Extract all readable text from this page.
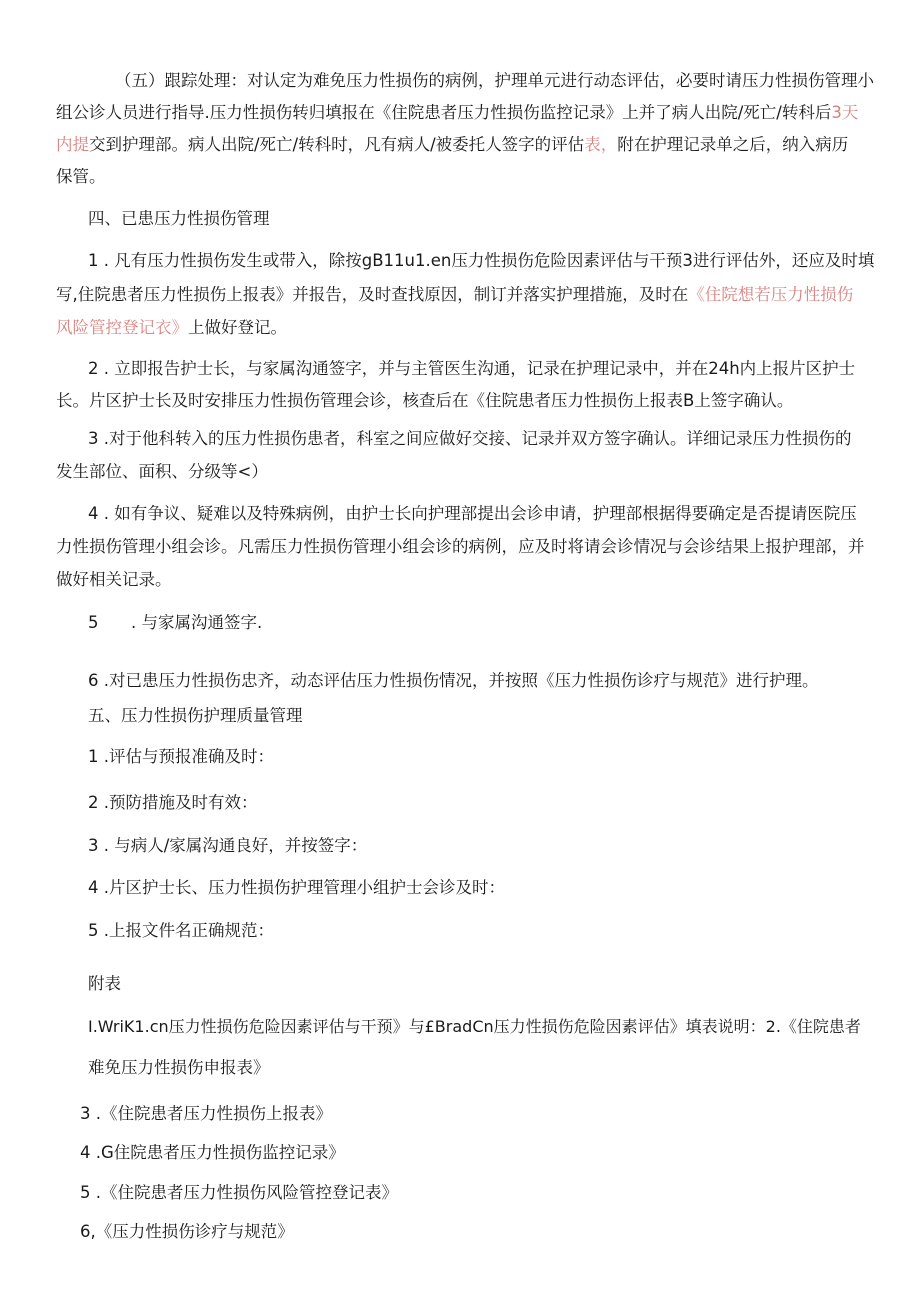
（五）跟踪处理：对认定为难免压力性损伤的病例，护理单元进行动态评估，必要时请压力性损伤管理小
组公诊人员进行指导.压力性损伤转归填报在《住院患者压力性损伤监控记录》上并了病人出院/死亡/转科后3天
内提交到护理部。病人出院/死亡/转科时，凡有病人/被委托人签字的评估表，附在护理记录单之后，纳入病历
保管。
四、已患压力性损伤管理
1 . 凡有压力性损伤发生或带入，除按gB11u1.en压力性损伤危险因素评估与干预3进行评估外，还应及时填
写,住院患者压力性损伤上报表》并报告，及时查找原因，制订并落实护理措施，及时在《住院想若压力性损伤
风险管控登记衣》上做好登记。
2 . 立即报告护士长，与家属沟通签字，并与主管医生沟通，记录在护理记录中，并在24h内上报片区护士
长。片区护士长及时安排压力性损伤管理会诊，核查后在《住院患者压力性损伤上报表B上签字确认。
3 .对于他科转入的压力性损伤患者，科室之间应做好交接、记录并双方签字确认。详细记录压力性损伤的
发生部位、面积、分级等<）
4 . 如有争议、疑难以及特殊病例，由护士长向护理部提出会诊申请，护理部根据得要确定是否提请医院压
力性损伤管理小组会诊。凡需压力性损伤管理小组会诊的病例，应及时将请会诊情况与会诊结果上报护理部，并
做好相关记录。
5 . 与家属沟通签字.
6 .对已患压力性损伤忠齐，动态评估压力性损伤情况，并按照《压力性损伤诊疗与规范》进行护理。
五、压力性损伤护理质量管理
1 .评估与预报准确及时：
2 .预防措施及时有效：
3 . 与病人/家属沟通良好，并按签字：
4 .片区护士长、压力性损伤护理管理小组护士会诊及时：
5 .上报文件名正确规范：
附表
I.WriK1.cn压力性损伤危险因素评估与干预》与£BradCn压力性损伤危险因素评估》填表说明：2.《住院患者
难免压力性损伤申报表》
3 .《住院患者压力性损伤上报表》
4 .G住院患者压力性损伤监控记录》
5 .《住院患者压力性损伤风险管控登记表》
6,《压力性损伤诊疗与规范》
